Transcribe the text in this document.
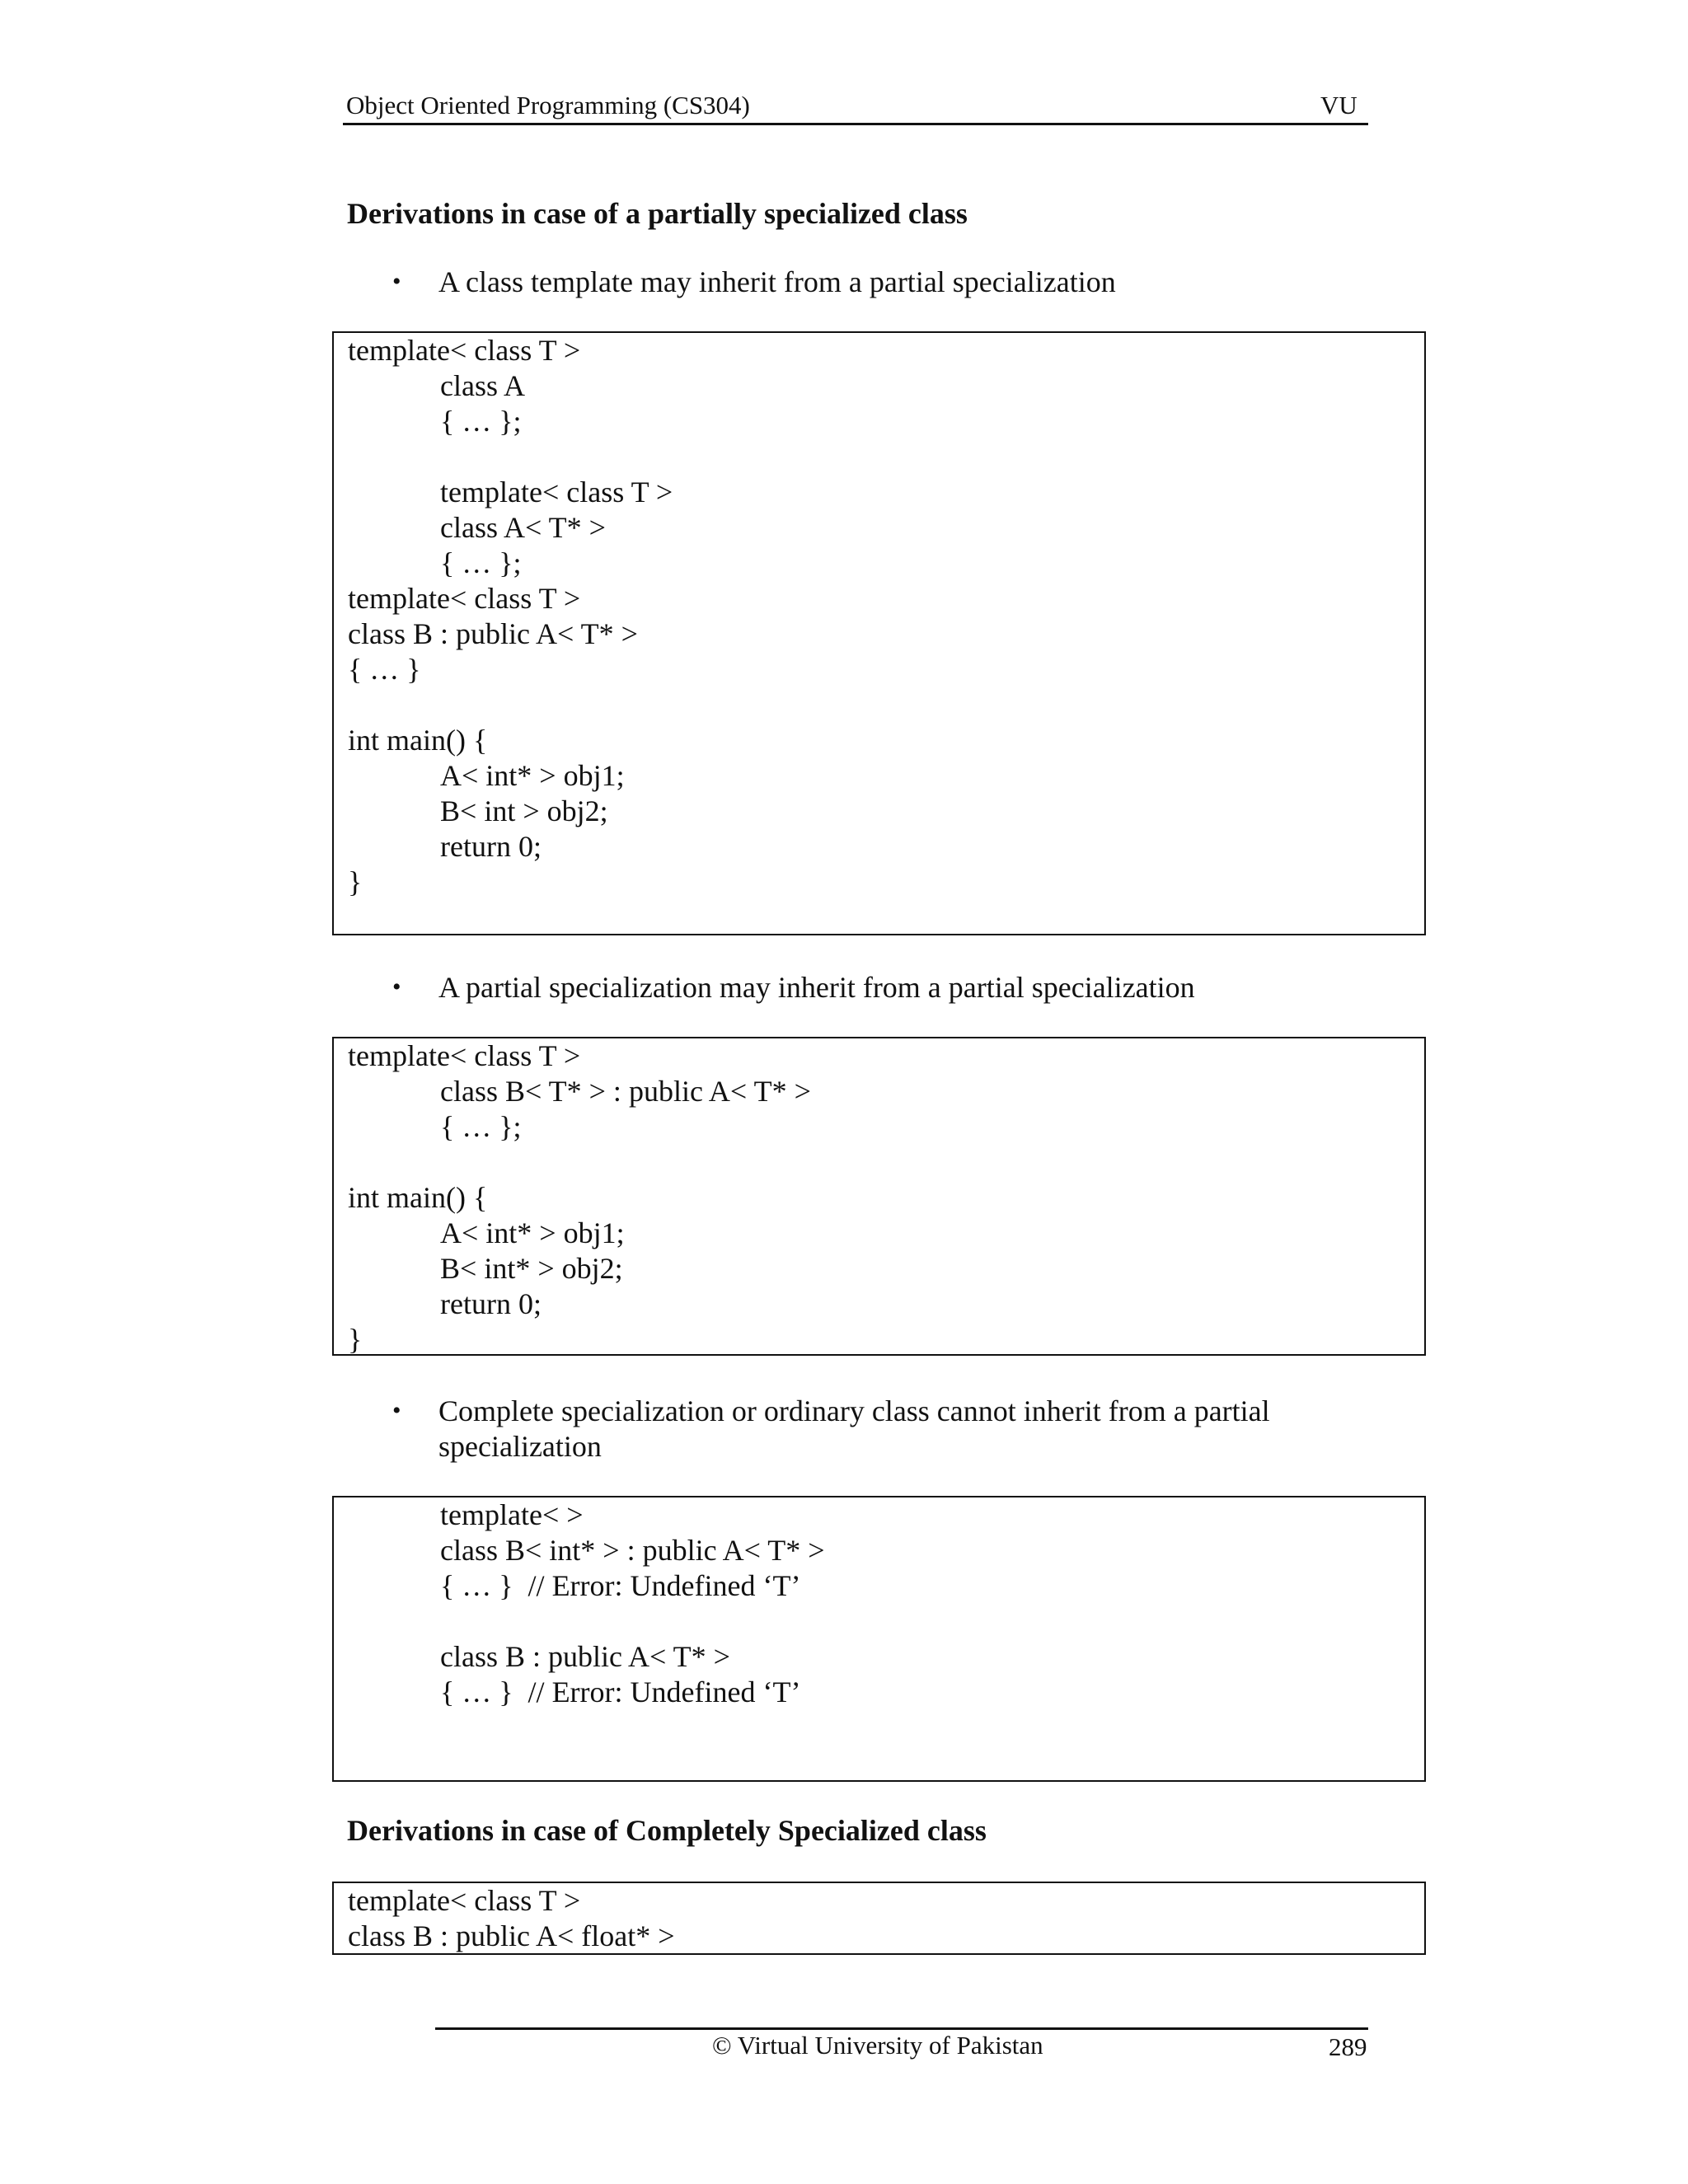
Object Oriented Programming (CS304)	VU
Derivations in case of a partially specialized class
• A class template may inherit from a partial specialization
template< class T >
class A
{ … };
template< class T >
class A< T* >
{ … };
template< class T >
class B : public A< T* >
{ … }
int main() {
A< int* > obj1;
B< int > obj2;
return 0;
}
• A partial specialization may inherit from a partial specialization
template< class T >
class B< T* > : public A< T* >
{ … };
int main() {
A< int* > obj1;
B< int* > obj2;
return 0;
}
• Complete specialization or ordinary class cannot inherit from a partial
specialization
template< >
class B< int* > : public A< T* >
{ … }  // Error: Undefined ‘T’
class B : public A< T* >
{ … }  // Error: Undefined ‘T’
Derivations in case of Completely Specialized class
template< class T >
class B : public A< float* >
© Virtual University of Pakistan	289
